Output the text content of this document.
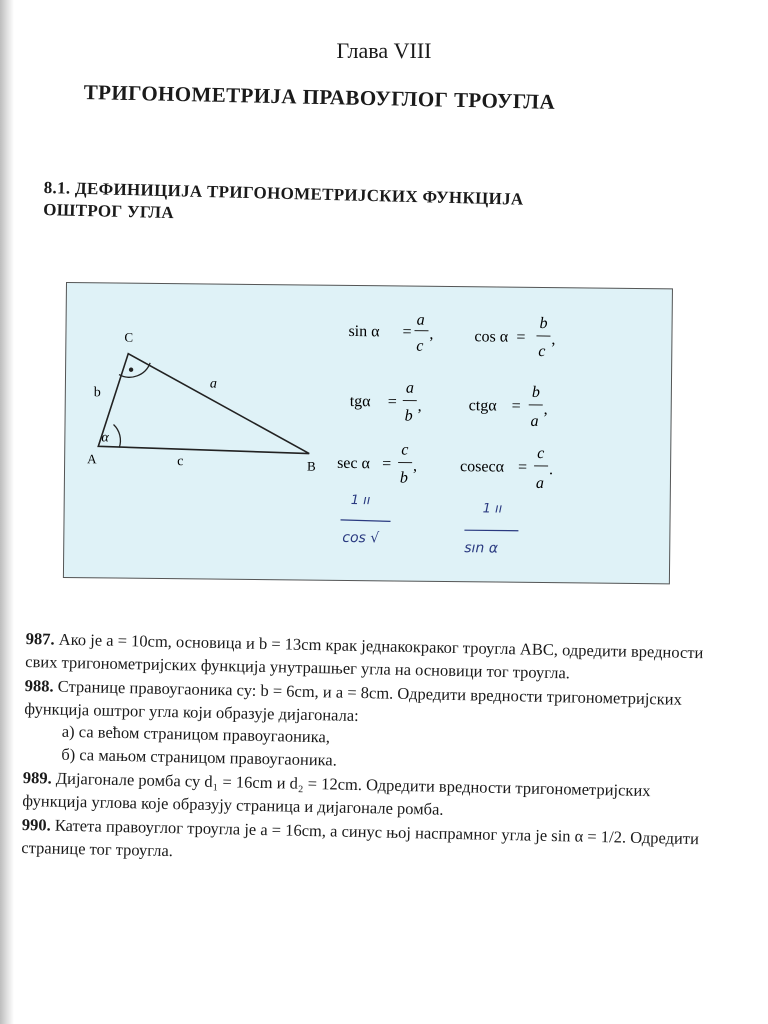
Глава VIII
ТРИГОНОМЕТРИЈА ПРАВОУГЛОГ ТРОУГЛА
8.1. ДЕФИНИЦИЈА ТРИГОНОМЕТРИЈСКИХ ФУНКЦИЈА
ОШТРОГ УГЛА
α
A	B
C
a
b
c
sin α =
a
c
,	cos α =
b
c
,
tgα =
a
b
,	ctgα =
b
a
,
sec α =
c
b
,	cosecα =
c
a
.
1 ıı
cos √
1 ıı
sın α

987. Ако је a = 10cm, основица и b = 13cm крак једнакокраког троугла ABC, одредити вредности свих тригонометријских функција унутрашњег угла на основици тог троугла.

988. Странице правоугаоника су: b = 6cm, и a = 8cm. Одредити вредности тригонометријских функција оштрог угла који образује дијагонала:
а) са већом страницом правоугаоника,
б) са мањом страницом правоугаоника.

989. Дијагонале ромба су d₁ = 16cm и d₂ = 12cm. Одредити вредности тригонометријских функција углова које образују страница и дијагонале ромба.

990. Катета правоуглог троугла је a = 16cm, а синус њој наспрамног угла је sin α = 1/2. Одредити странице тог троугла.
